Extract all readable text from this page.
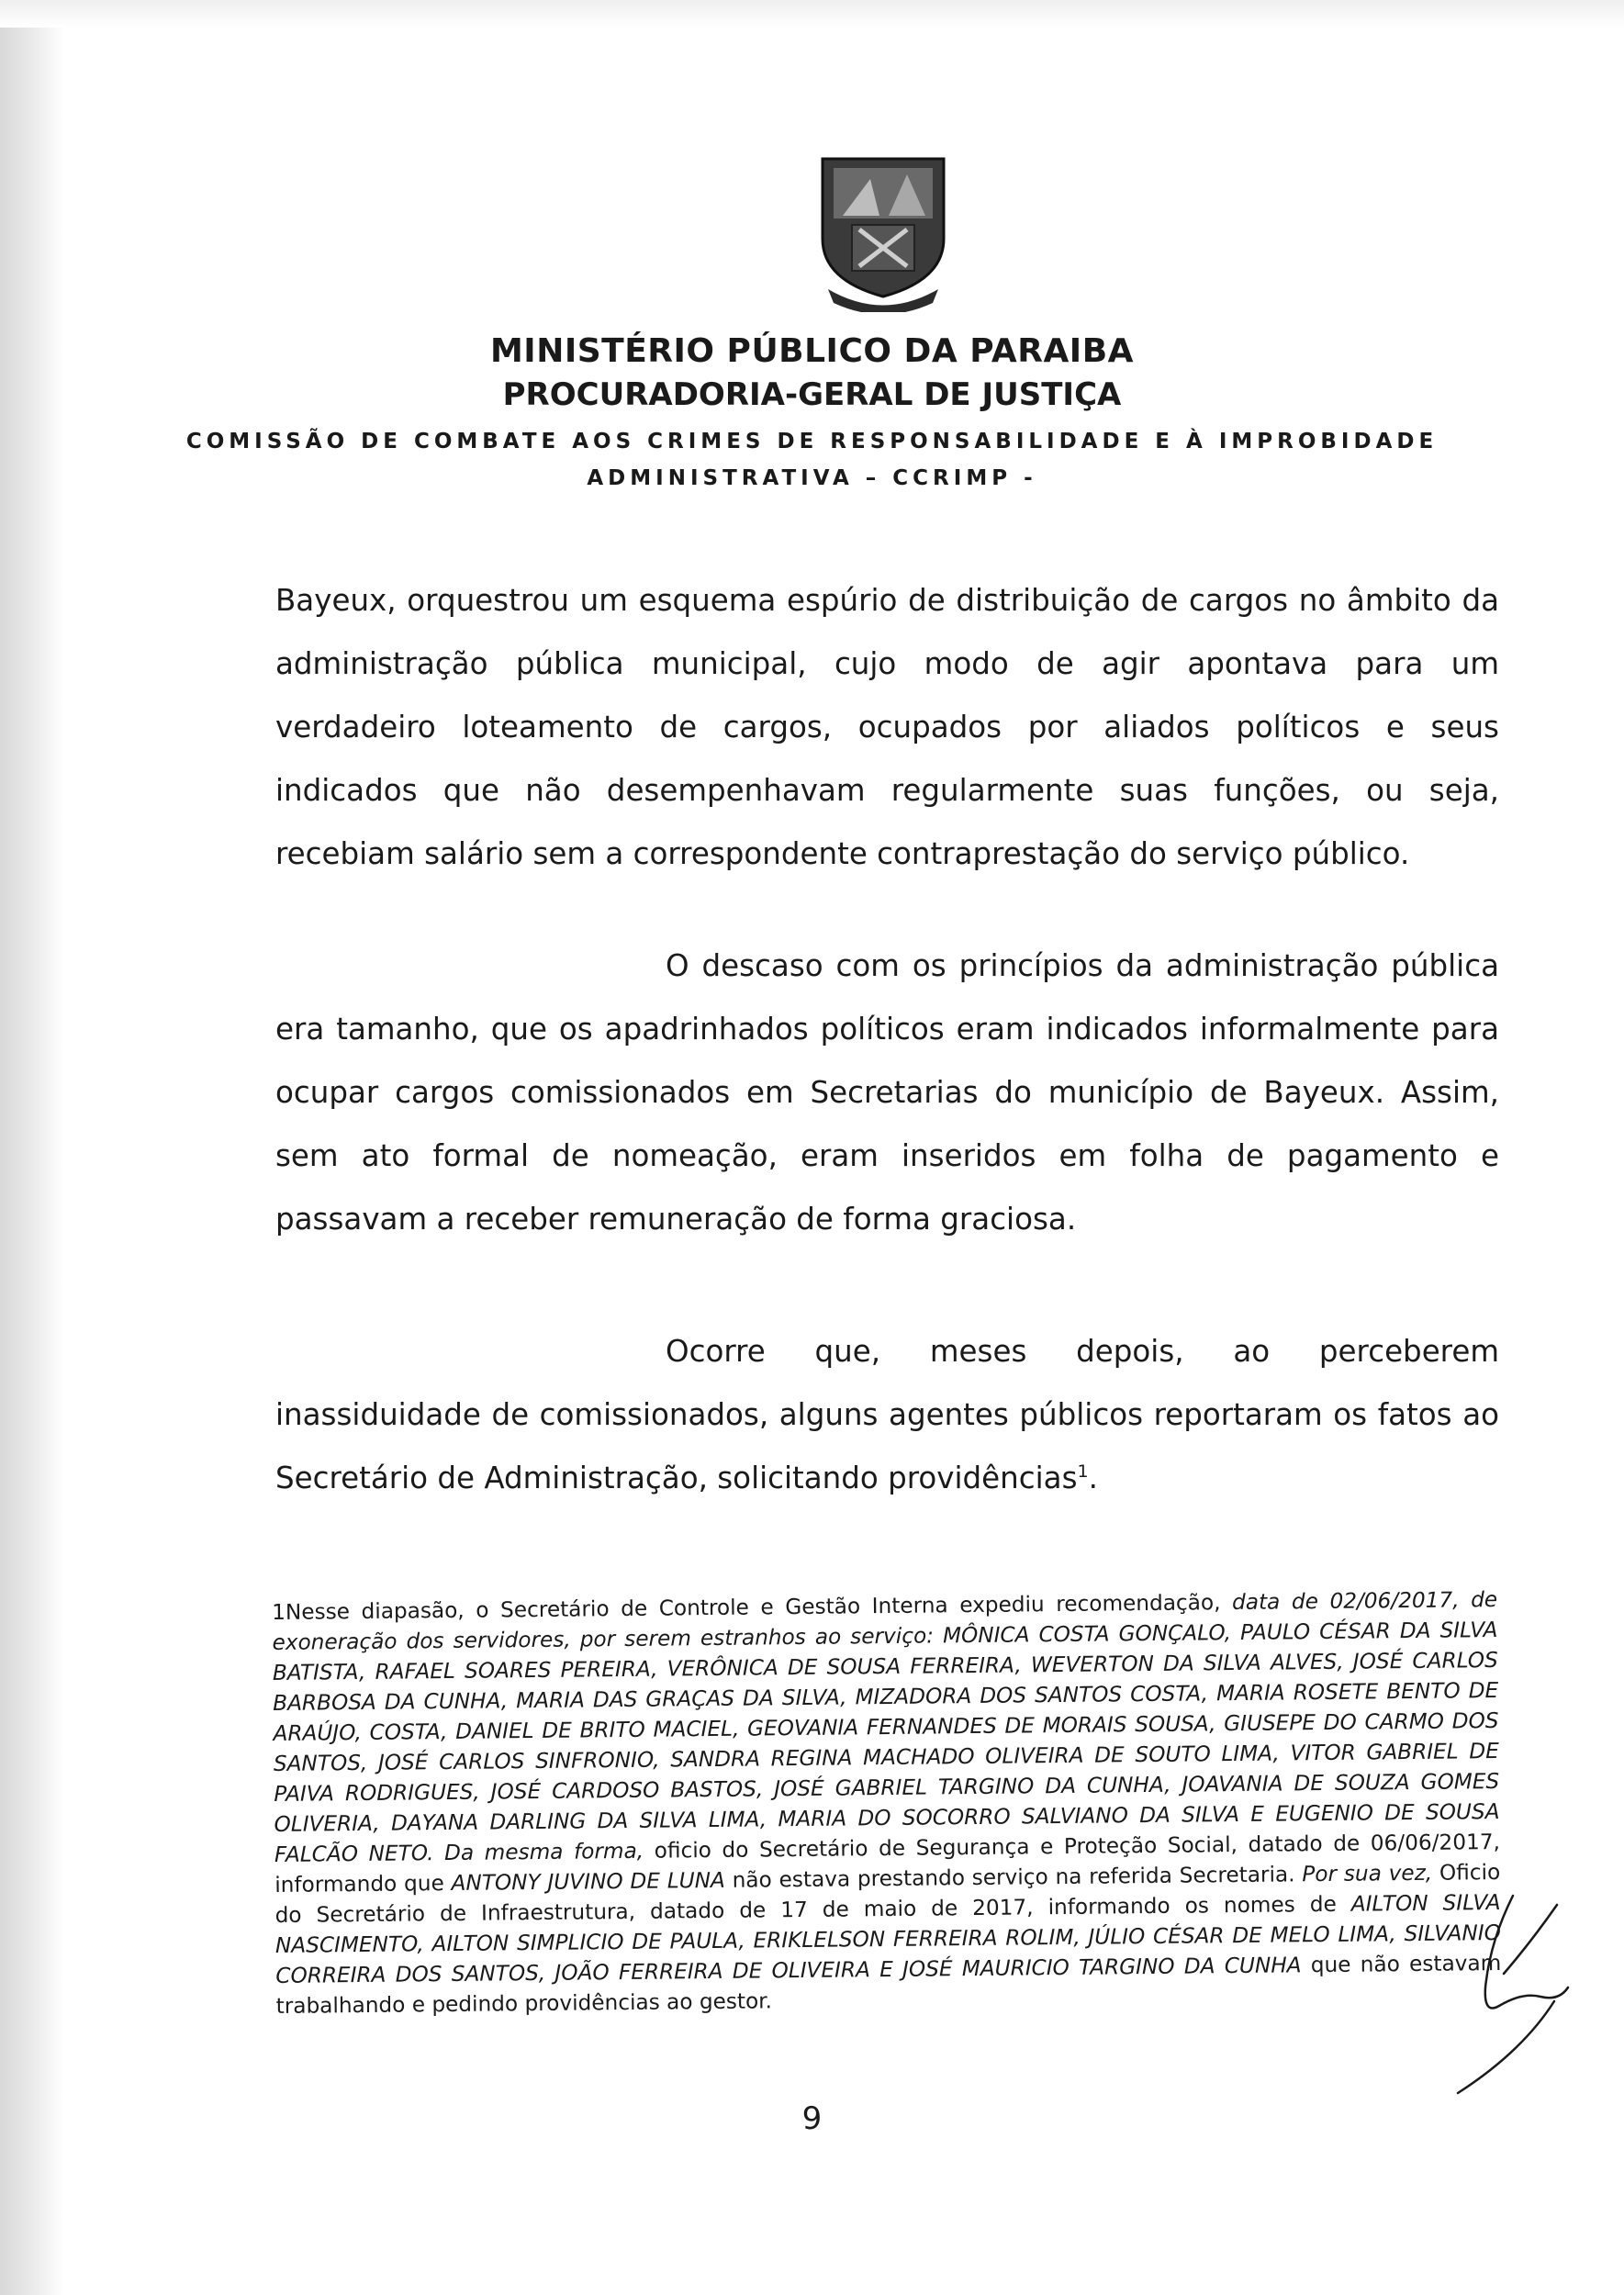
MINISTÉRIO PÚBLICO DA PARAIBA
PROCURADORIA-GERAL DE JUSTIÇA
COMISSÃO DE COMBATE AOS CRIMES DE RESPONSABILIDADE E À IMPROBIDADE
ADMINISTRATIVA – CCRIMP -

Bayeux, orquestrou um esquema espúrio de distribuição de cargos no âmbito da administração pública municipal, cujo modo de agir apontava para um verdadeiro loteamento de cargos, ocupados por aliados políticos e seus indicados que não desempenhavam regularmente suas funções, ou seja, recebiam salário sem a correspondente contraprestação do serviço público.

O descaso com os princípios da administração pública era tamanho, que os apadrinhados políticos eram indicados informalmente para ocupar cargos comissionados em Secretarias do município de Bayeux. Assim, sem ato formal de nomeação, eram inseridos em folha de pagamento e passavam a receber remuneração de forma graciosa.

Ocorre que, meses depois, ao perceberem inassiduidade de comissionados, alguns agentes públicos reportaram os fatos ao Secretário de Administração, solicitando providências$^1$.

1Nesse diapasão, o Secretário de Controle e Gestão Interna expediu recomendação, data de 02/06/2017, de exoneração dos servidores, por serem estranhos ao serviço: MÔNICA COSTA GONÇALO, PAULO CÉSAR DA SILVA BATISTA, RAFAEL SOARES PEREIRA, VERÔNICA DE SOUSA FERREIRA, WEVERTON DA SILVA ALVES, JOSÉ CARLOS BARBOSA DA CUNHA, MARIA DAS GRAÇAS DA SILVA, MIZADORA DOS SANTOS COSTA, MARIA ROSETE BENTO DE ARAÚJO, COSTA, DANIEL DE BRITO MACIEL, GEOVANIA FERNANDES DE MORAIS SOUSA, GIUSEPE DO CARMO DOS SANTOS, JOSÉ CARLOS SINFRONIO, SANDRA REGINA MACHADO OLIVEIRA DE SOUTO LIMA, VITOR GABRIEL DE PAIVA RODRIGUES, JOSÉ CARDOSO BASTOS, JOSÉ GABRIEL TARGINO DA CUNHA, JOAVANIA DE SOUZA GOMES OLIVERIA, DAYANA DARLING DA SILVA LIMA, MARIA DO SOCORRO SALVIANO DA SILVA E EUGENIO DE SOUSA FALCÃO NETO. Da mesma forma, oficio do Secretário de Segurança e Proteção Social, datado de 06/06/2017, informando que ANTONY JUVINO DE LUNA não estava prestando serviço na referida Secretaria. Por sua vez, Oficio do Secretário de Infraestrutura, datado de 17 de maio de 2017, informando os nomes de AILTON SILVA NASCIMENTO, AILTON SIMPLICIO DE PAULA, ERIKLELSON FERREIRA ROLIM, JÚLIO CÉSAR DE MELO LIMA, SILVANIO CORREIRA DOS SANTOS, JOÃO FERREIRA DE OLIVEIRA E JOSÉ MAURICIO TARGINO DA CUNHA que não estavam trabalhando e pedindo providências ao gestor.

9
